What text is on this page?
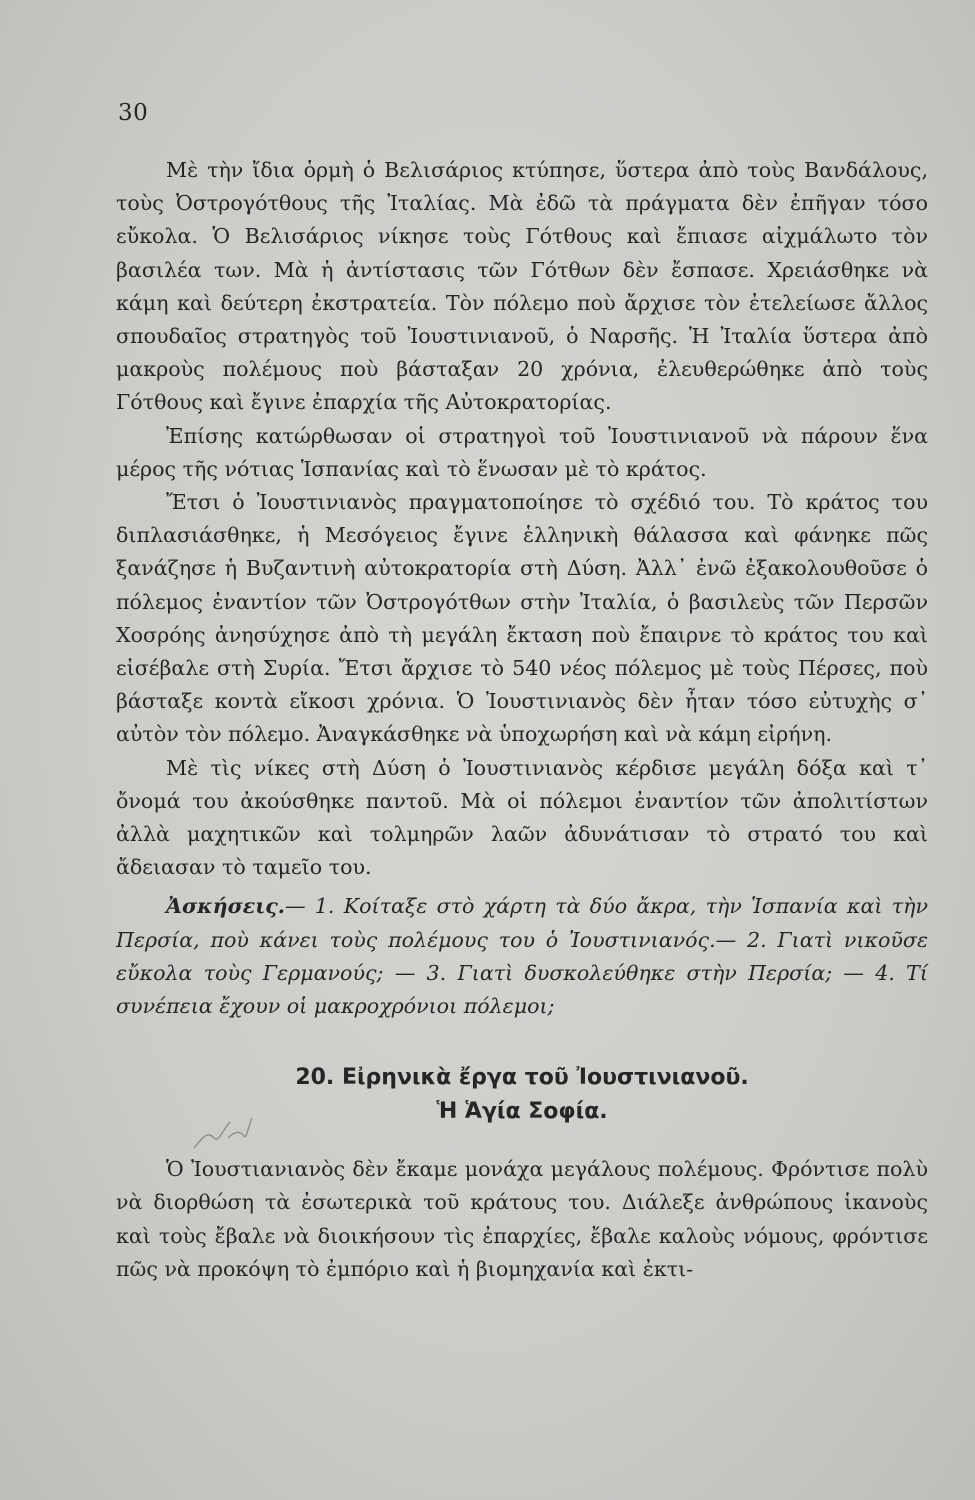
30

Μὲ τὴν ἴδια ὁρμὴ ὁ Βελισάριος κτύπησε, ὕστερα ἀπὸ τοὺς Βανδάλους, τοὺς Ὀστρογότθους τῆς Ἰταλίας. Μὰ ἐδῶ τὰ πράγματα δὲν ἐπῆγαν τόσο εὔκολα. Ὁ Βελισάριος νίκησε τοὺς Γότθους καὶ ἔπιασε αἰχμάλωτο τὸν βασιλέα των. Μὰ ἡ ἀντίστασις τῶν Γότθων δὲν ἔσπασε. Χρειάσθηκε νὰ κάμη καὶ δεύτερη ἐκστρατεία. Τὸν πόλεμο ποὺ ἄρχισε τὸν ἐτελείωσε ἄλλος σπουδαῖος στρατηγὸς τοῦ Ἰουστινιανοῦ, ὁ Ναρσῆς. Ἡ Ἰταλία ὕστερα ἀπὸ μακροὺς πολέμους ποὺ βάσταξαν 20 χρόνια, ἐλευθερώθηκε ἀπὸ τοὺς Γότθους καὶ ἔγινε ἐπαρχία τῆς Αὐτοκρατορίας.

Ἐπίσης κατώρθωσαν οἱ στρατηγοὶ τοῦ Ἰουστινιανοῦ νὰ πάρουν ἕνα μέρος τῆς νότιας Ἱσπανίας καὶ τὸ ἕνωσαν μὲ τὸ κράτος.

Ἔτσι ὁ Ἰουστινιανὸς πραγματοποίησε τὸ σχέδιό του. Τὸ κράτος του διπλασιάσθηκε, ἡ Μεσόγειος ἔγινε ἑλληνικὴ θάλασσα καὶ φάνηκε πῶς ξανάζησε ἡ Βυζαντινὴ αὐτοκρατορία στὴ Δύση. Ἀλλ᾿ ἐνῶ ἐξακολουθοῦσε ὁ πόλεμος ἐναντίον τῶν Ὀστρογότθων στὴν Ἰταλία, ὁ βασιλεὺς τῶν Περσῶν Χοσρόης ἀνησύχησε ἀπὸ τὴ μεγάλη ἔκταση ποὺ ἔπαιρνε τὸ κράτος του καὶ εἰσέβαλε στὴ Συρία. Ἔτσι ἄρχισε τὸ 540 νέος πόλεμος μὲ τοὺς Πέρσες, ποὺ βάσταξε κοντὰ εἴκοσι χρόνια. Ὁ Ἰουστινιανὸς δὲν ἦταν τόσο εὐτυχὴς σ᾿ αὐτὸν τὸν πόλεμο. Ἀναγκάσθηκε νὰ ὑποχωρήση καὶ νὰ κάμη εἰρήνη.

Μὲ τὶς νίκες στὴ Δύση ὁ Ἰουστινιανὸς κέρδισε μεγάλη δόξα καὶ τ᾿ ὄνομά του ἀκούσθηκε παντοῦ. Μὰ οἱ πόλεμοι ἐναντίον τῶν ἀπολιτίστων ἀλλὰ μαχητικῶν καὶ τολμηρῶν λαῶν ἀδυνάτισαν τὸ στρατό του καὶ ἄδειασαν τὸ ταμεῖο του.

Ἀσκήσεις.— 1. Κοίταξε στὸ χάρτη τὰ δύο ἄκρα, τὴν Ἱσπανία καὶ τὴν Περσία, ποὺ κάνει τοὺς πολέμους του ὁ Ἰουστινιανός.— 2. Γιατὶ νικοῦσε εὔκολα τοὺς Γερμανούς; — 3. Γιατὶ δυσκολεύθηκε στὴν Περσία; — 4. Τί συνέπεια ἔχουν οἱ μακροχρόνιοι πόλεμοι;

20. Εἰρηνικὰ ἔργα τοῦ Ἰουστινιανοῦ.
Ἡ Ἁγία Σοφία.

Ὁ Ἰουστιανιανὸς δὲν ἔκαμε μονάχα μεγάλους πολέμους. Φρόντισε πολὺ νὰ διορθώση τὰ ἐσωτερικὰ τοῦ κράτους του. Διάλεξε ἀνθρώπους ἱκανοὺς καὶ τοὺς ἔβαλε νὰ διοικήσουν τὶς ἐπαρχίες, ἔβαλε καλοὺς νόμους, φρόντισε πῶς νὰ προκόψη τὸ ἐμπόριο καὶ ἡ βιομηχανία καὶ ἐκτι-
